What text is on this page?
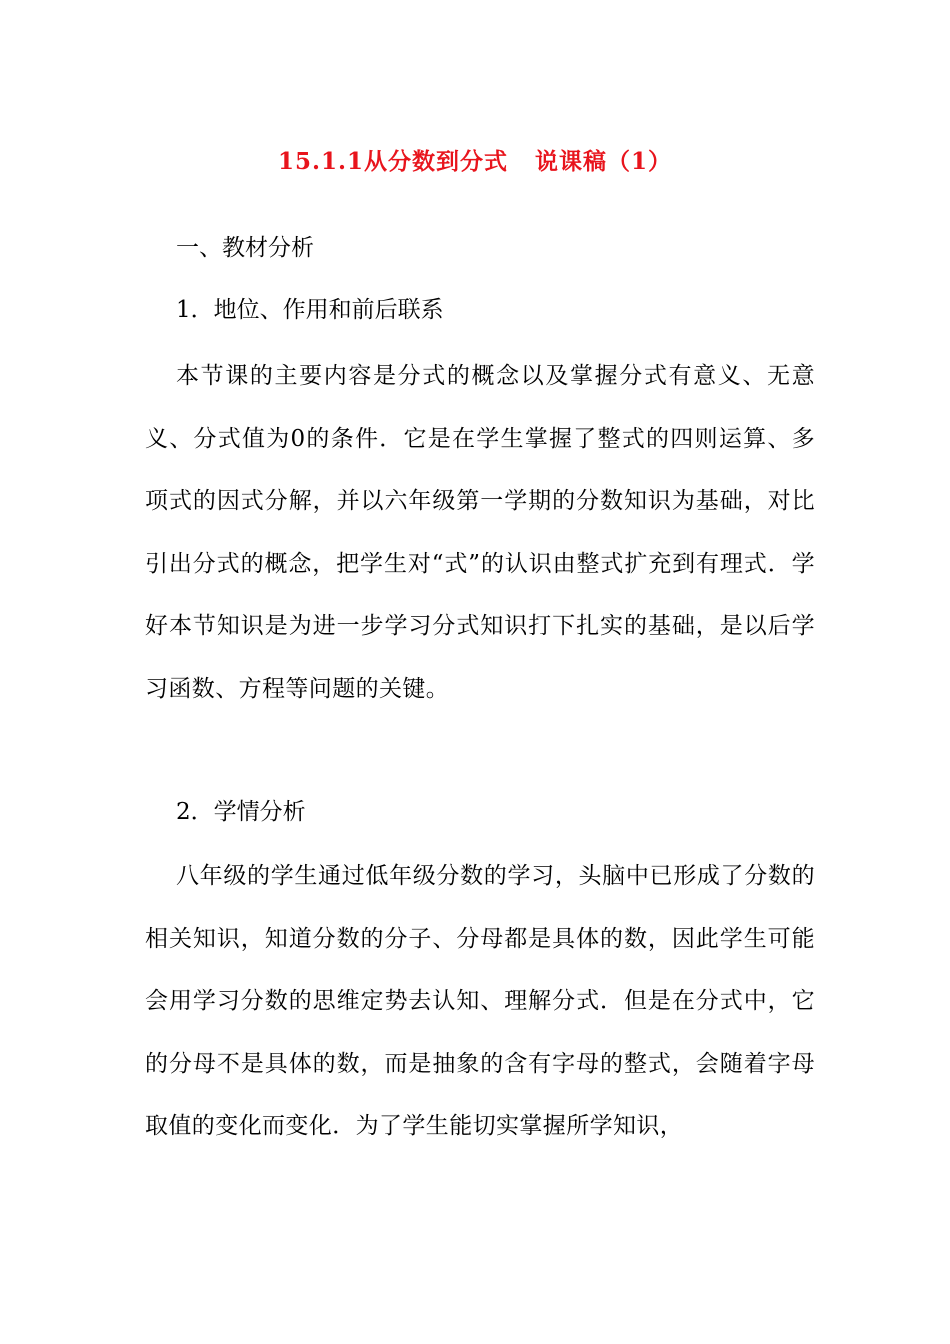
15.1.1从分数到分式   说课稿（1）
一、教材分析
1．地位、作用和前后联系
本节课的主要内容是分式的概念以及掌握分式有意义、无意义、分式值为0的条件．它是在学生掌握了整式的四则运算、多项式的因式分解，并以六年级第一学期的分数知识为基础，对比引出分式的概念，把学生对“式”的认识由整式扩充到有理式．学好本节知识是为进一步学习分式知识打下扎实的基础，是以后学习函数、方程等问题的关键。
2．学情分析
八年级的学生通过低年级分数的学习，头脑中已形成了分数的相关知识，知道分数的分子、分母都是具体的数，因此学生可能会用学习分数的思维定势去认知、理解分式．但是在分式中，它的分母不是具体的数，而是抽象的含有字母的整式，会随着字母取值的变化而变化．为了学生能切实掌握所学知识，
